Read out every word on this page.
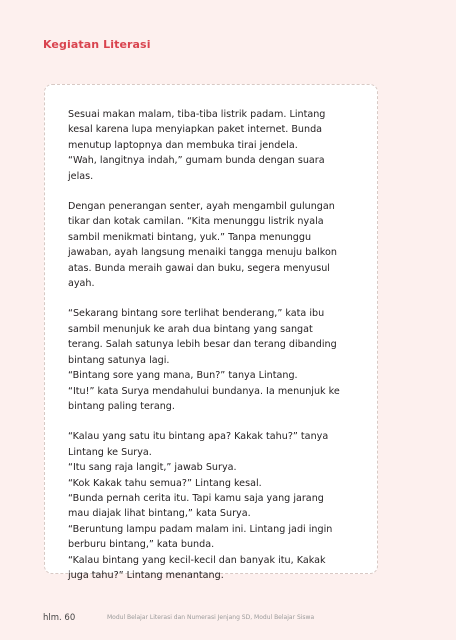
Kegiatan Literasi

Sesuai makan malam, tiba-tiba listrik padam. Lintang
kesal karena lupa menyiapkan paket internet. Bunda
menutup laptopnya dan membuka tirai jendela.
“Wah, langitnya indah,” gumam bunda dengan suara
jelas.

Dengan penerangan senter, ayah mengambil gulungan
tikar dan kotak camilan. “Kita menunggu listrik nyala
sambil menikmati bintang, yuk.” Tanpa menunggu
jawaban, ayah langsung menaiki tangga menuju balkon
atas. Bunda meraih gawai dan buku, segera menyusul
ayah.

“Sekarang bintang sore terlihat benderang,” kata ibu
sambil menunjuk ke arah dua bintang yang sangat
terang. Salah satunya lebih besar dan terang dibanding
bintang satunya lagi.
“Bintang sore yang mana, Bun?” tanya Lintang.
“Itu!” kata Surya mendahului bundanya. Ia menunjuk ke
bintang paling terang.

“Kalau yang satu itu bintang apa? Kakak tahu?” tanya
Lintang ke Surya.
“Itu sang raja langit,” jawab Surya.
“Kok Kakak tahu semua?” Lintang kesal.
“Bunda pernah cerita itu. Tapi kamu saja yang jarang
mau diajak lihat bintang,” kata Surya.
“Beruntung lampu padam malam ini. Lintang jadi ingin
berburu bintang,” kata bunda.
“Kalau bintang yang kecil-kecil dan banyak itu, Kakak
juga tahu?” Lintang menantang.

hlm. 60	Modul Belajar Literasi dan Numerasi Jenjang SD, Modul Belajar Siswa
